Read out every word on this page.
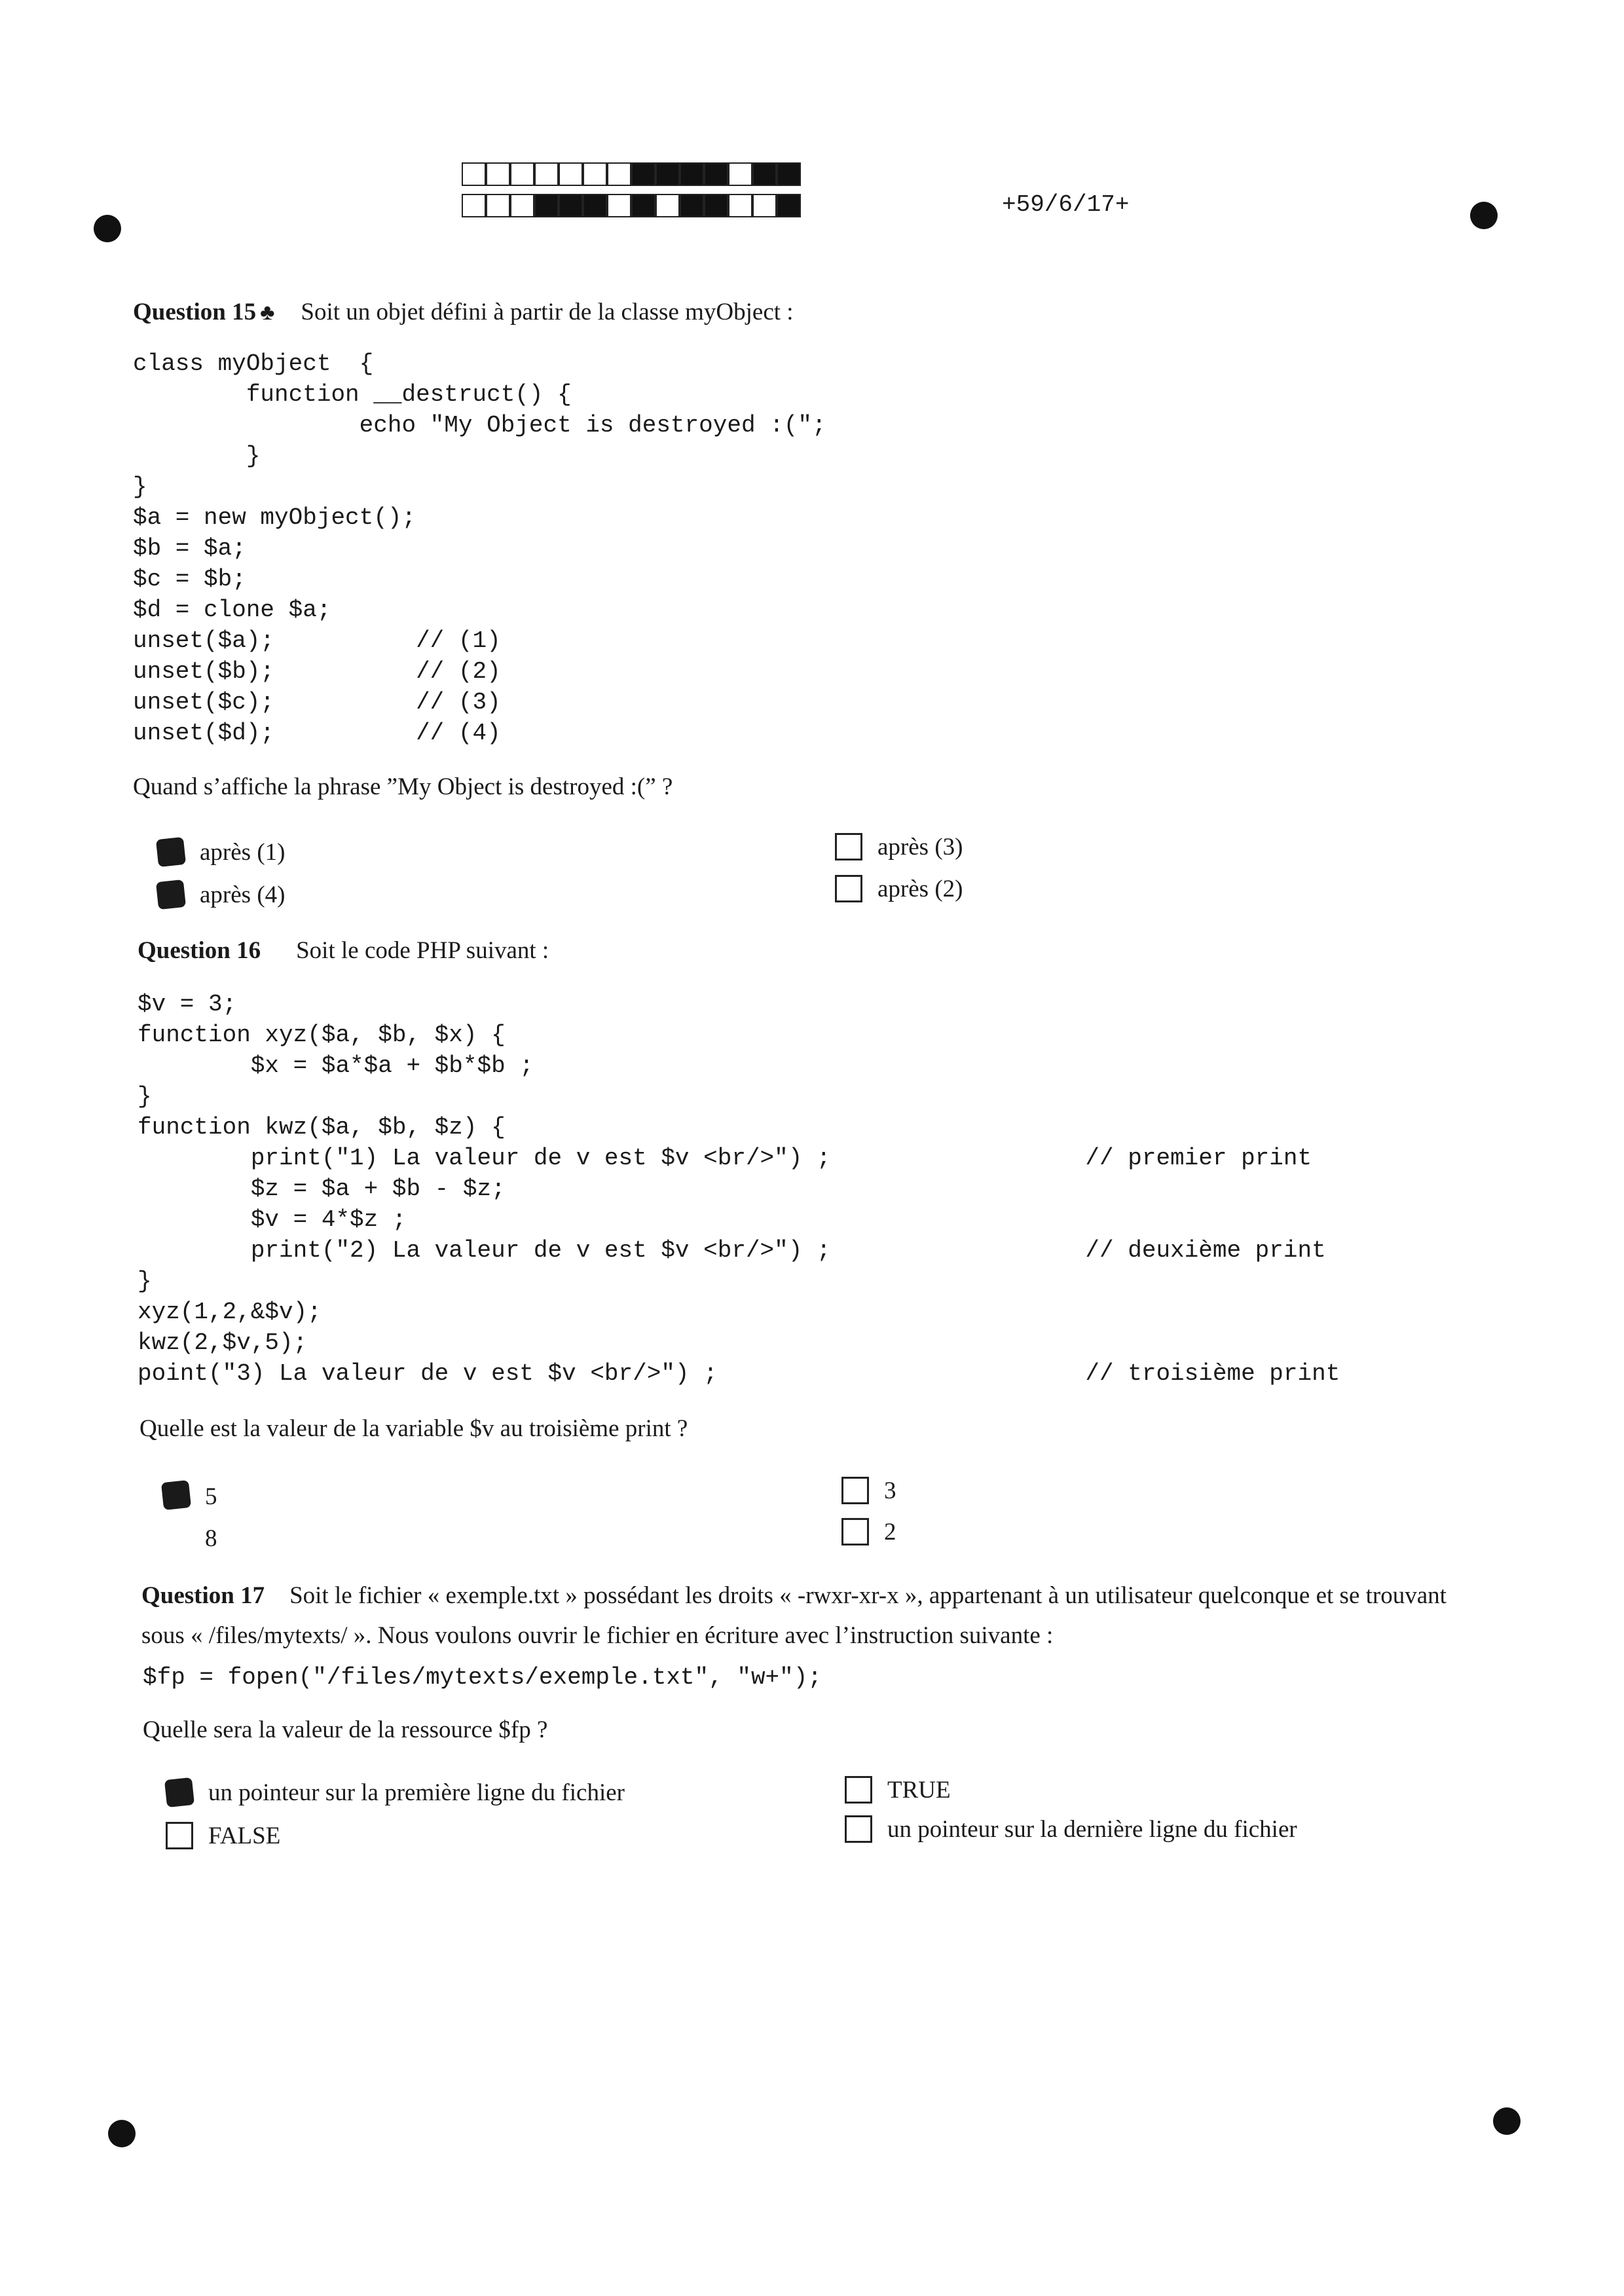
+59/6/17+
Question 15 ♣ Soit un objet défini à partir de la classe myObject :
class myObject  {
function __destruct() {
echo "My Object is destroyed :(";
}
}
$a = new myObject();
$b = $a;
$c = $b;
$d = clone $a;
unset($a);          // (1)
unset($b);          // (2)
unset($c);          // (3)
unset($d);          // (4)
Quand s’affiche la phrase ”My Object is destroyed :(” ?
après (1)
après (4)
après (3)
après (2)
Question 16 Soit le code PHP suivant :
$v = 3;
function xyz($a, $b, $x) {
$x = $a*$a + $b*$b ;
}
function kwz($a, $b, $z) {
print("1) La valeur de v est $v <br/>") ;                  // premier print
$z = $a + $b - $z;
$v = 4*$z ;
print("2) La valeur de v est $v <br/>") ;                  // deuxième print
}
xyz(1,2,&$v);
kwz(2,$v,5);
point("3) La valeur de v est $v <br/>") ;                          // troisième print
Quelle est la valeur de la variable $v au troisième print ?
5
8
3
2
Question 17 Soit le fichier « exemple.txt » possédant les droits « -rwxr-xr-x », appartenant à un utilisateur quelconque et se trouvant sous « /files/mytexts/ ». Nous voulons ouvrir le fichier en écriture avec l’instruction suivante :
$fp = fopen("/files/mytexts/exemple.txt", "w+");
Quelle sera la valeur de la ressource $fp ?
un pointeur sur la première ligne du fichier
FALSE
TRUE
un pointeur sur la dernière ligne du fichier
